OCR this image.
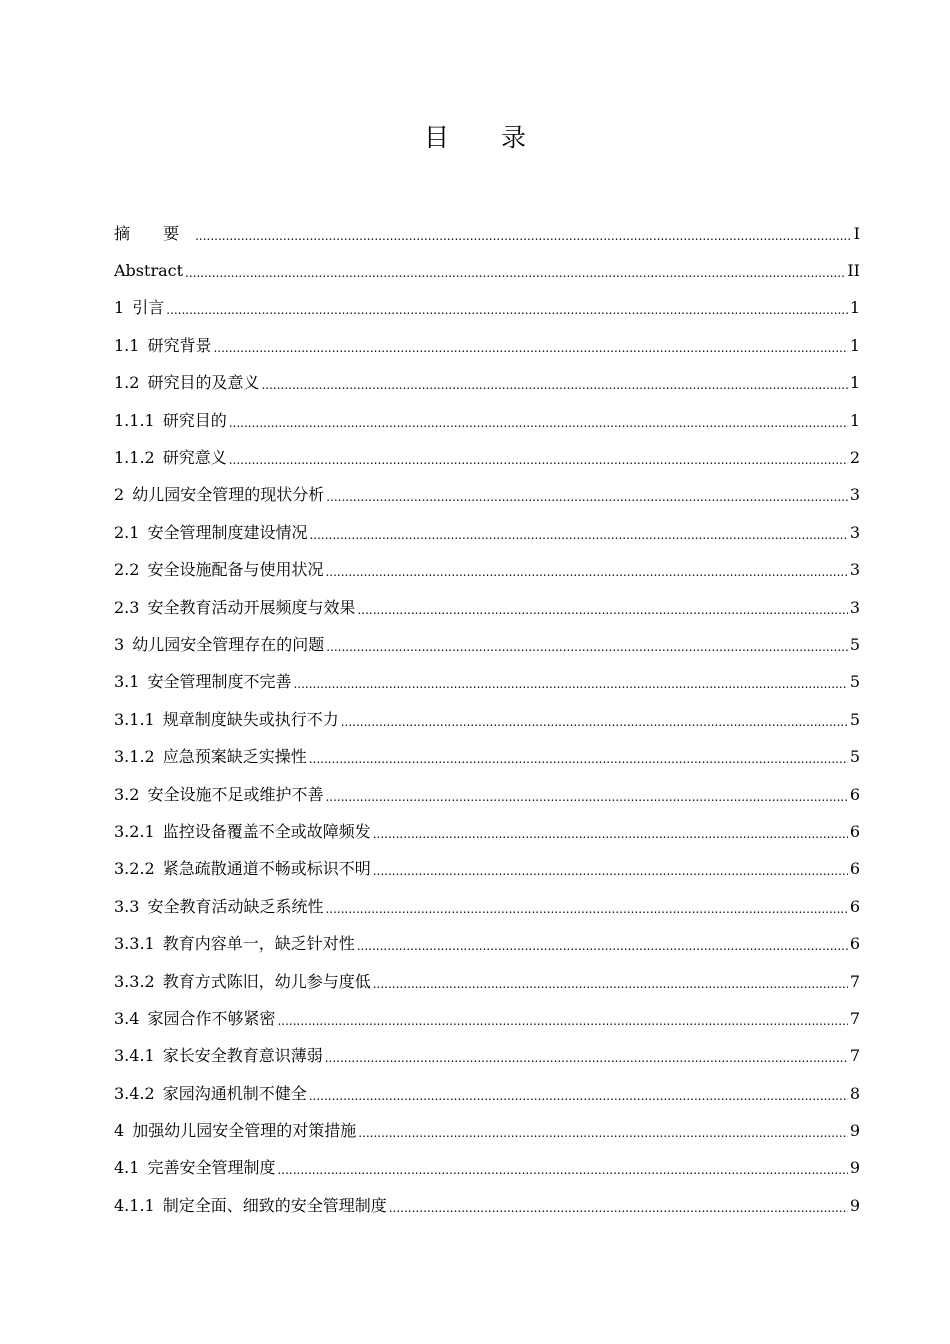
目 录
摘 要 .....	I
Abstract .....	II
1 引言 .....	1
1.1 研究背景 .....	1
1.2 研究目的及意义 .....	1
1.1.1 研究目的 .....	1
1.1.2 研究意义 .....	2
2 幼儿园安全管理的现状分析 .....	3
2.1 安全管理制度建设情况 .....	3
2.2 安全设施配备与使用状况 .....	3
2.3 安全教育活动开展频度与效果 .....	3
3 幼儿园安全管理存在的问题 .....	5
3.1 安全管理制度不完善 .....	5
3.1.1 规章制度缺失或执行不力 .....	5
3.1.2 应急预案缺乏实操性 .....	5
3.2 安全设施不足或维护不善 .....	6
3.2.1 监控设备覆盖不全或故障频发 .....	6
3.2.2 紧急疏散通道不畅或标识不明 .....	6
3.3 安全教育活动缺乏系统性 .....	6
3.3.1 教育内容单一，缺乏针对性 .....	6
3.3.2 教育方式陈旧，幼儿参与度低 .....	7
3.4 家园合作不够紧密 .....	7
3.4.1 家长安全教育意识薄弱 .....	7
3.4.2 家园沟通机制不健全 .....	8
4 加强幼儿园安全管理的对策措施 .....	9
4.1 完善安全管理制度 .....	9
4.1.1 制定全面、细致的安全管理制度 .....	9
